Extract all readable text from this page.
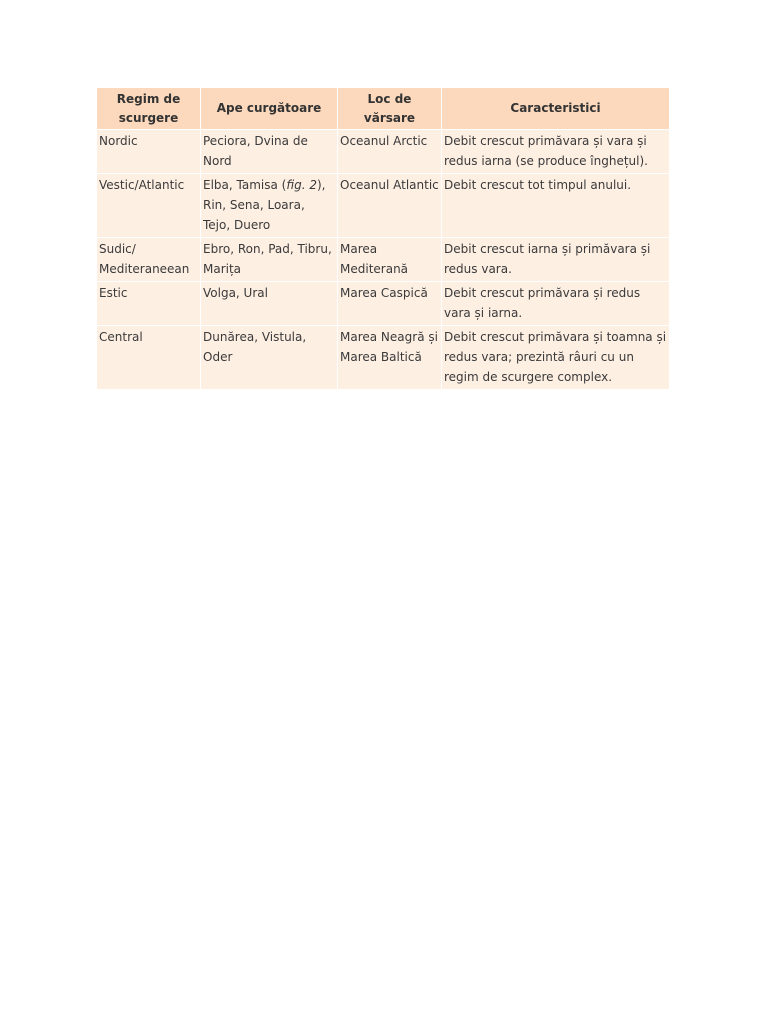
Regim de scurgere	Ape curgătoare	Loc de vărsare	Caracteristici
Nordic	Peciora, Dvina de Nord	Oceanul Arctic	Debit crescut primăvara și vara și redus iarna (se produce înghețul).
Vestic/Atlantic	Elba, Tamisa (fig. 2), Rin, Sena, Loara, Tejo, Duero	Oceanul Atlantic	Debit crescut tot timpul anului.
Sudic/ Mediteraneean	Ebro, Ron, Pad, Tibru, Marița	Marea Mediterană	Debit crescut iarna și primăvara și redus vara.
Estic	Volga, Ural	Marea Caspică	Debit crescut primăvara și redus vara și iarna.
Central	Dunărea, Vistula, Oder	Marea Neagră și Marea Baltică	Debit crescut primăvara și toamna și redus vara; prezintă râuri cu un regim de scurgere complex.
